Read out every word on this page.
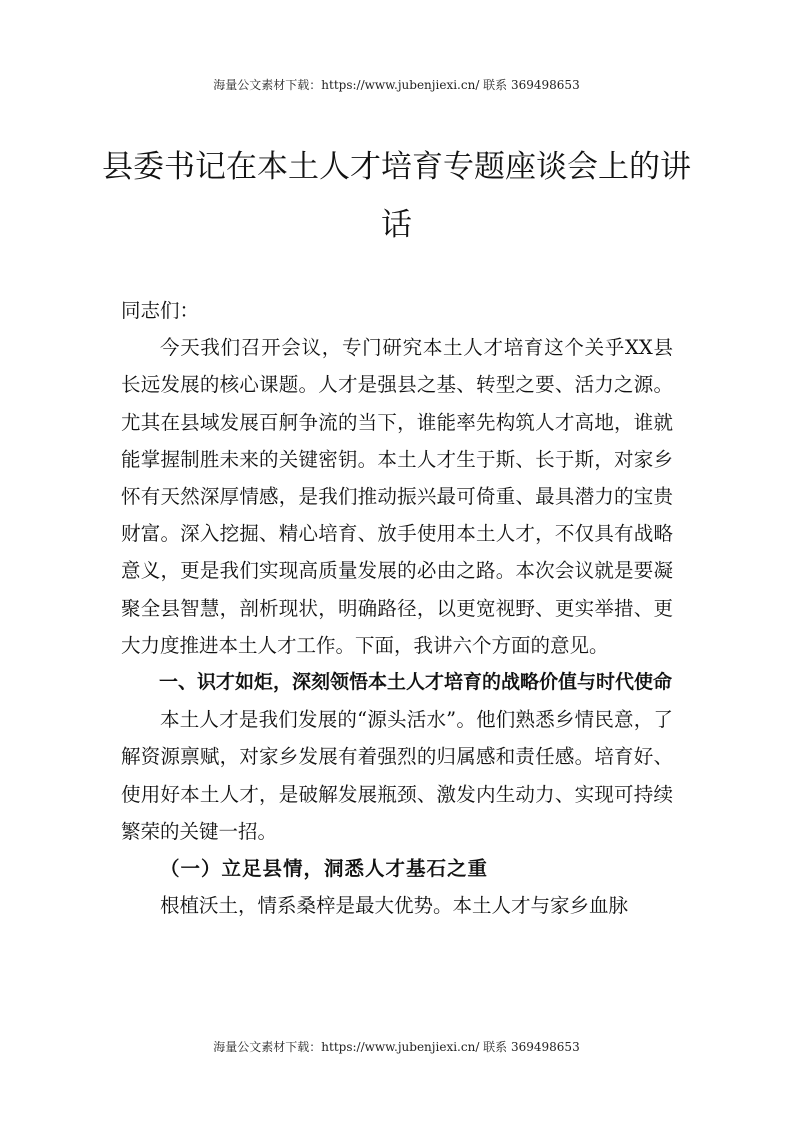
海量公文素材下载：https://www.jubenjiexi.cn/ 联系 369498653
县委书记在本土人才培育专题座谈会上的讲话

同志们：

今天我们召开会议，专门研究本土人才培育这个关乎XX县长远发展的核心课题。人才是强县之基、转型之要、活力之源。尤其在县域发展百舸争流的当下，谁能率先构筑人才高地，谁就能掌握制胜未来的关键密钥。本土人才生于斯、长于斯，对家乡怀有天然深厚情感，是我们推动振兴最可倚重、最具潜力的宝贵财富。深入挖掘、精心培育、放手使用本土人才，不仅具有战略意义，更是我们实现高质量发展的必由之路。本次会议就是要凝聚全县智慧，剖析现状，明确路径，以更宽视野、更实举措、更大力度推进本土人才工作。下面，我讲六个方面的意见。

一、识才如炬，深刻领悟本土人才培育的战略价值与时代使命

本土人才是我们发展的“源头活水”。他们熟悉乡情民意，了解资源禀赋，对家乡发展有着强烈的归属感和责任感。培育好、使用好本土人才，是破解发展瓶颈、激发内生动力、实现可持续繁荣的关键一招。

（一）立足县情，洞悉人才基石之重

根植沃土，情系桑梓是最大优势。本土人才与家乡血脉

海量公文素材下载：https://www.jubenjiexi.cn/ 联系 369498653
